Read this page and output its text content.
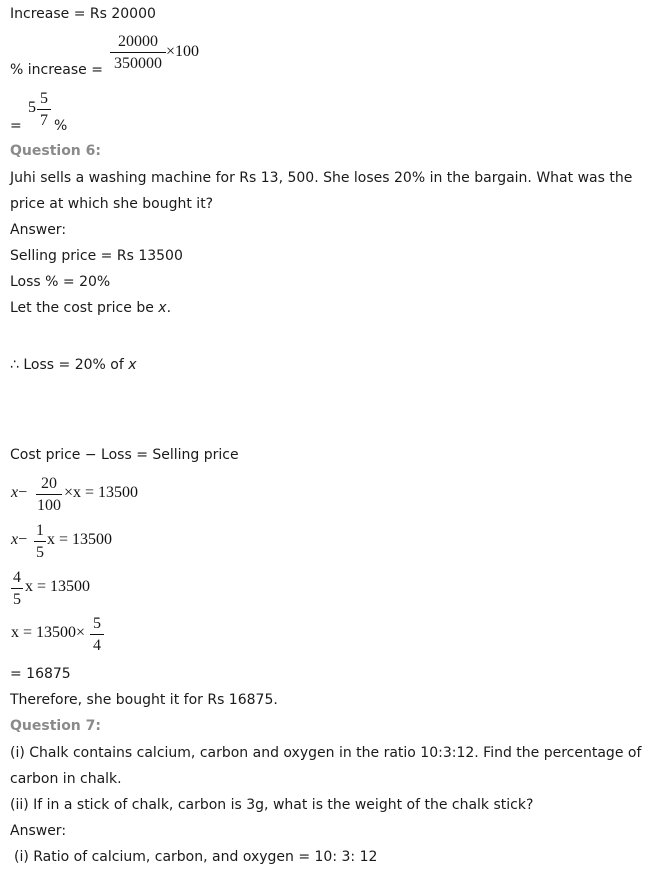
Increase = Rs 20000
% increase =
20000
350000
×100
=
5
5
7 %
Question 6:
Juhi sells a washing machine for Rs 13, 500. She loses 20% in the bargain. What was the price at which she bought it?
Answer:
Selling price = Rs 13500
Loss % = 20%
Let the cost price be x.
∴ Loss = 20% of x
Cost price − Loss = Selling price
x−
20
100
×x = 13500
x−
1
5
x = 13500
4
5
x = 13500
x = 13500×
5
4
= 16875
Therefore, she bought it for Rs 16875.
Question 7:
(i) Chalk contains calcium, carbon and oxygen in the ratio 10:3:12. Find the percentage of carbon in chalk.
(ii) If in a stick of chalk, carbon is 3g, what is the weight of the chalk stick?
Answer:
(i) Ratio of calcium, carbon, and oxygen = 10: 3: 12
